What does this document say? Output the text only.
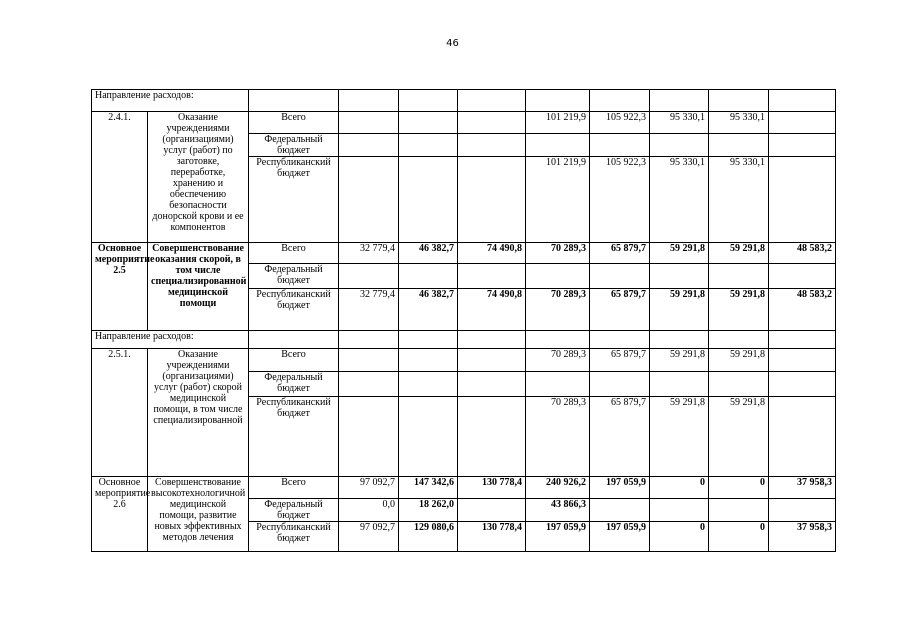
46
Направление расходов:										
2.4.1.	Оказание учреждениями (организациями) услуг (работ) по заготовке, переработке, хранению и обеспечению безопасности донорской крови и ее компонентов	Всего				101 219,9	105 922,3	95 330,1	95 330,1	
		Федеральный бюджет								
		Республиканский бюджет				101 219,9	105 922,3	95 330,1	95 330,1	
Основное мероприятие 2.5	Совершенствование оказания скорой, в том числе специализированной медицинской помощи	Всего	32 779,4	46 382,7	74 490,8	70 289,3	65 879,7	59 291,8	59 291,8	48 583,2
		Федеральный бюджет								
		Республиканский бюджет	32 779,4	46 382,7	74 490,8	70 289,3	65 879,7	59 291,8	59 291,8	48 583,2
Направление расходов:										
2.5.1.	Оказание учреждениями (организациями) услуг (работ) скорой медицинской помощи, в том числе специализированной	Всего				70 289,3	65 879,7	59 291,8	59 291,8	
		Федеральный бюджет								
		Республиканский бюджет				70 289,3	65 879,7	59 291,8	59 291,8	
Основное мероприятие 2.6	Совершенствование высокотехнологичной медицинской помощи, развитие новых эффективных методов лечения	Всего	97 092,7	147 342,6	130 778,4	240 926,2	197 059,9	0	0	37 958,3
		Федеральный бюджет	0,0	18 262,0		43 866,3				
		Республиканский бюджет	97 092,7	129 080,6	130 778,4	197 059,9	197 059,9	0	0	37 958,3
